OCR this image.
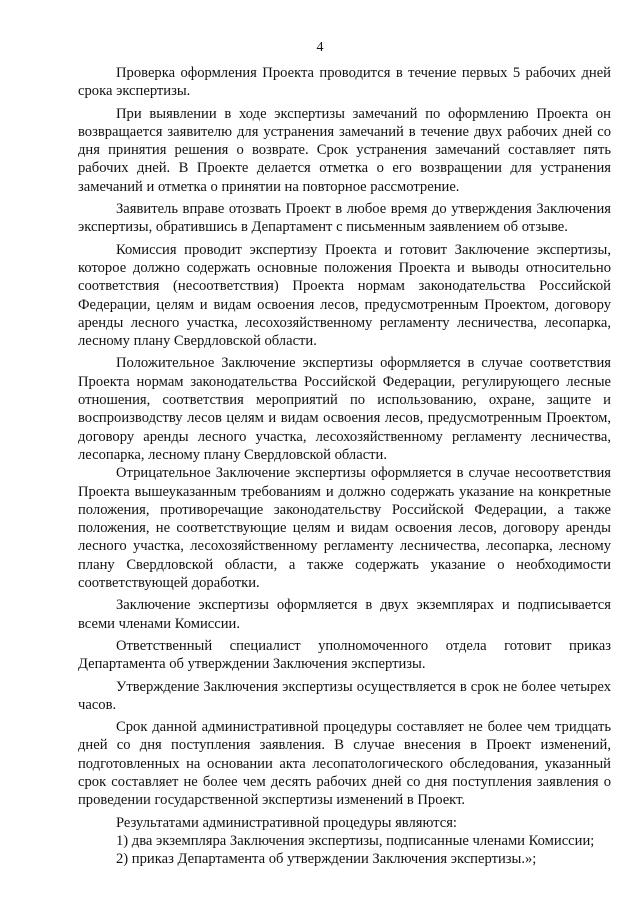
4

Проверка оформления Проекта проводится в течение первых 5 рабочих дней срока экспертизы.

При выявлении в ходе экспертизы замечаний по оформлению Проекта он возвращается заявителю для устранения замечаний в течение двух рабочих дней со дня принятия решения о возврате. Срок устранения замечаний составляет пять рабочих дней. В Проекте делается отметка о его возвращении для устранения замечаний и отметка о принятии на повторное рассмотрение.

Заявитель вправе отозвать Проект в любое время до утверждения Заключения экспертизы, обратившись в Департамент с письменным заявлением об отзыве.

Комиссия проводит экспертизу Проекта и готовит Заключение экспертизы, которое должно содержать основные положения Проекта и выводы относительно соответствия (несоответствия) Проекта нормам законодательства Российской Федерации, целям и видам освоения лесов, предусмотренным Проектом, договору аренды лесного участка, лесохозяйственному регламенту лесничества, лесопарка, лесному плану Свердловской области.

Положительное Заключение экспертизы оформляется в случае соответствия Проекта нормам законодательства Российской Федерации, регулирующего лесные отношения, соответствия мероприятий по использованию, охране, защите и воспроизводству лесов целям и видам освоения лесов, предусмотренным Проектом, договору аренды лесного участка, лесохозяйственному регламенту лесничества, лесопарка, лесному плану Свердловской области.

Отрицательное Заключение экспертизы оформляется в случае несоответствия Проекта вышеуказанным требованиям и должно содержать указание на конкретные положения, противоречащие законодательству Российской Федерации, а также положения, не соответствующие целям и видам освоения лесов, договору аренды лесного участка, лесохозяйственному регламенту лесничества, лесопарка, лесному плану Свердловской области, а также содержать указание о необходимости соответствующей доработки.

Заключение экспертизы оформляется в двух экземплярах и подписывается всеми членами Комиссии.

Ответственный специалист уполномоченного отдела готовит приказ Департамента об утверждении Заключения экспертизы.

Утверждение Заключения экспертизы осуществляется в срок не более четырех часов.

Срок данной административной процедуры составляет не более чем тридцать дней со дня поступления заявления. В случае внесения в Проект изменений, подготовленных на основании акта лесопатологического обследования, указанный срок составляет не более чем десять рабочих дней со дня поступления заявления о проведении государственной экспертизы изменений в Проект.

Результатами административной процедуры являются:

1) два экземпляра Заключения экспертизы, подписанные членами Комиссии;

2) приказ Департамента об утверждении Заключения экспертизы.»;
